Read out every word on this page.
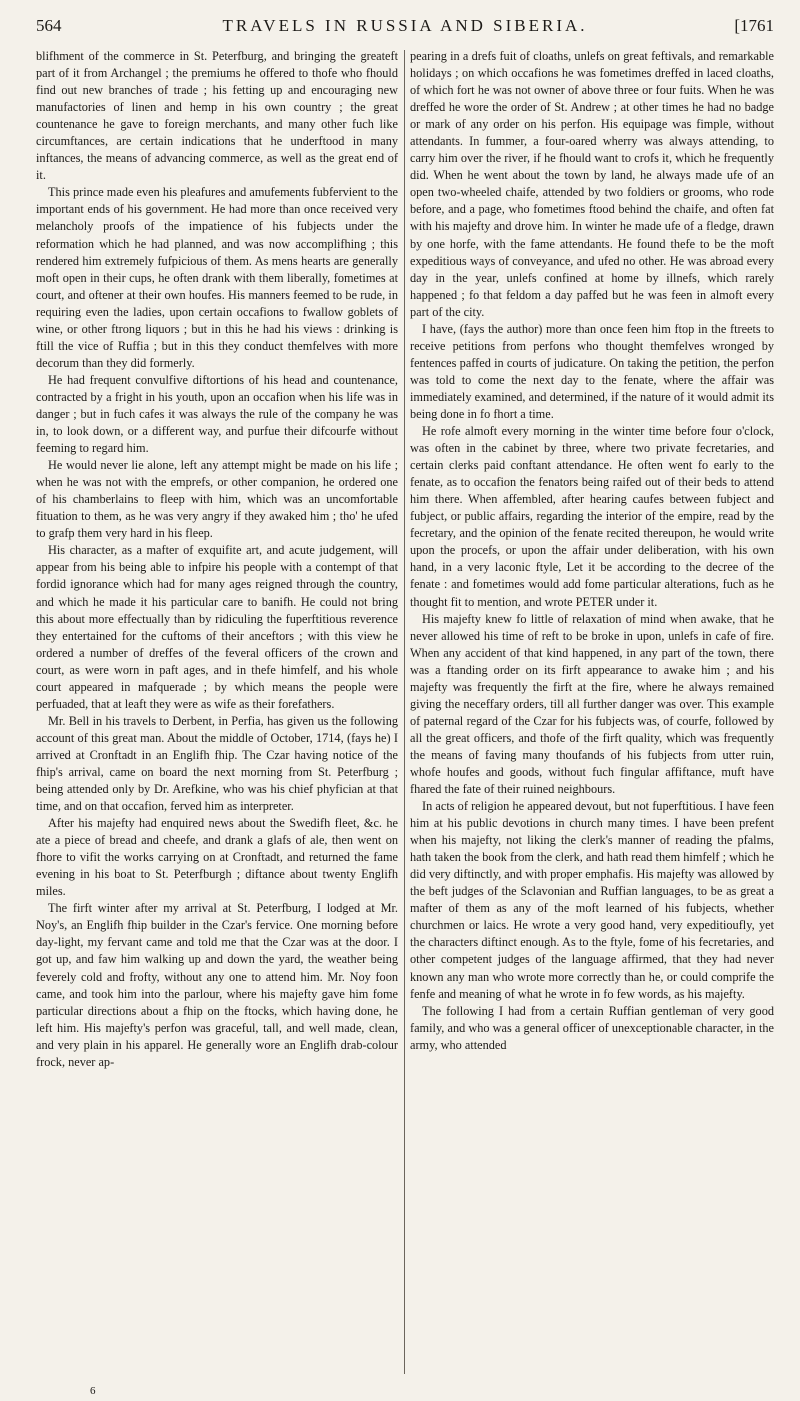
564	TRAVELS IN RUSSIA AND SIBERIA.	[1761

blifhment of the commerce in St. Peterfburg, and bringing the greateft part of it from Archangel ; the premiums he offered to thofe who fhould find out new branches of trade ; his fetting up and encouraging new manufactories of linen and hemp in his own country ; the great countenance he gave to foreign merchants, and many other fuch like circumftances, are certain indications that he underftood in many inftances, the means of advancing commerce, as well as the great end of it.

This prince made even his pleafures and amufements fubfervient to the important ends of his government. He had more than once received very melancholy proofs of the impatience of his fubjects under the reformation which he had planned, and was now accomplifhing ; this rendered him extremely fufpicious of them. As mens hearts are generally moft open in their cups, he often drank with them liberally, fometimes at court, and oftener at their own houfes. His manners feemed to be rude, in requiring even the ladies, upon certain occafions to fwallow goblets of wine, or other ftrong liquors ; but in this he had his views : drinking is ftill the vice of Ruffia ; but in this they conduct themfelves with more decorum than they did formerly.

He had frequent convulfive diftortions of his head and countenance, contracted by a fright in his youth, upon an occafion when his life was in danger ; but in fuch cafes it was always the rule of the company he was in, to look down, or a different way, and purfue their difcourfe without feeming to regard him.

He would never lie alone, left any attempt might be made on his life ; when he was not with the emprefs, or other companion, he ordered one of his chamberlains to fleep with him, which was an uncomfortable fituation to them, as he was very angry if they awaked him ; tho' he ufed to grafp them very hard in his fleep.

His character, as a mafter of exquifite art, and acute judgement, will appear from his being able to infpire his people with a contempt of that fordid ignorance which had for many ages reigned through the country, and which he made it his particular care to banifh. He could not bring this about more effectually than by ridiculing the fuperftitious reverence they entertained for the cuftoms of their anceftors ; with this view he ordered a number of dreffes of the feveral officers of the crown and court, as were worn in paft ages, and in thefe himfelf, and his whole court appeared in mafquerade ; by which means the people were perfuaded, that at leaft they were as wife as their forefathers.

Mr. Bell in his travels to Derbent, in Perfia, has given us the following account of this great man. About the middle of October, 1714, (fays he) I arrived at Cronftadt in an Englifh fhip. The Czar having notice of the fhip's arrival, came on board the next morning from St. Peterfburg ; being attended only by Dr. Arefkine, who was his chief phyfician at that time, and on that occafion, ferved him as interpreter.

After his majefty had enquired news about the Swedifh fleet, &c. he ate a piece of bread and cheefe, and drank a glafs of ale, then went on fhore to vifit the works carrying on at Cronftadt, and returned the fame evening in his boat to St. Peterfburgh ; diftance about twenty Englifh miles.

The firft winter after my arrival at St. Peterfburg, I lodged at Mr. Noy's, an Englifh fhip builder in the Czar's fervice. One morning before day-light, my fervant came and told me that the Czar was at the door. I got up, and faw him walking up and down the yard, the weather being feverely cold and frofty, without any one to attend him. Mr. Noy foon came, and took him into the parlour, where his majefty gave him fome particular directions about a fhip on the ftocks, which having done, he left him. His majefty's perfon was graceful, tall, and well made, clean, and very plain in his apparel. He generally wore an Englifh drab-colour frock, never ap-

pearing in a drefs fuit of cloaths, unlefs on great feftivals, and remarkable holidays ; on which occafions he was fometimes dreffed in laced cloaths, of which fort he was not owner of above three or four fuits. When he was dreffed he wore the order of St. Andrew ; at other times he had no badge or mark of any order on his perfon. His equipage was fimple, without attendants. In fummer, a four-oared wherry was always attending, to carry him over the river, if he fhould want to crofs it, which he frequently did. When he went about the town by land, he always made ufe of an open two-wheeled chaife, attended by two foldiers or grooms, who rode before, and a page, who fometimes ftood behind the chaife, and often fat with his majefty and drove him. In winter he made ufe of a fledge, drawn by one horfe, with the fame attendants. He found thefe to be the moft expeditious ways of conveyance, and ufed no other. He was abroad every day in the year, unlefs confined at home by illnefs, which rarely happened ; fo that feldom a day paffed but he was feen in almoft every part of the city.

I have, (fays the author) more than once feen him ftop in the ftreets to receive petitions from perfons who thought themfelves wronged by fentences paffed in courts of judicature. On taking the petition, the perfon was told to come the next day to the fenate, where the affair was immediately examined, and determined, if the nature of it would admit its being done in fo fhort a time.

He rofe almoft every morning in the winter time before four o'clock, was often in the cabinet by three, where two private fecretaries, and certain clerks paid conftant attendance. He often went fo early to the fenate, as to occafion the fenators being raifed out of their beds to attend him there. When affembled, after hearing caufes between fubject and fubject, or public affairs, regarding the interior of the empire, read by the fecretary, and the opinion of the fenate recited thereupon, he would write upon the procefs, or upon the affair under deliberation, with his own hand, in a very laconic ftyle, Let it be according to the decree of the fenate : and fometimes would add fome particular alterations, fuch as he thought fit to mention, and wrote PETER under it.

His majefty knew fo little of relaxation of mind when awake, that he never allowed his time of reft to be broke in upon, unlefs in cafe of fire. When any accident of that kind happened, in any part of the town, there was a ftanding order on its firft appearance to awake him ; and his majefty was frequently the firft at the fire, where he always remained giving the neceffary orders, till all further danger was over. This example of paternal regard of the Czar for his fubjects was, of courfe, followed by all the great officers, and thofe of the firft quality, which was frequently the means of faving many thoufands of his fubjects from utter ruin, whofe houfes and goods, without fuch fingular affiftance, muft have fhared the fate of their ruined neighbours.

In acts of religion he appeared devout, but not fuperftitious. I have feen him at his public devotions in church many times. I have been prefent when his majefty, not liking the clerk's manner of reading the pfalms, hath taken the book from the clerk, and hath read them himfelf ; which he did very diftinctly, and with proper emphafis. His majefty was allowed by the beft judges of the Sclavonian and Ruffian languages, to be as great a mafter of them as any of the moft learned of his fubjects, whether churchmen or laics. He wrote a very good hand, very expeditioufly, yet the characters diftinct enough. As to the ftyle, fome of his fecretaries, and other competent judges of the language affirmed, that they had never known any man who wrote more correctly than he, or could comprife the fenfe and meaning of what he wrote in fo few words, as his majefty.

The following I had from a certain Ruffian gentleman of very good family, and who was a general officer of unexceptionable character, in the army, who attended

6
